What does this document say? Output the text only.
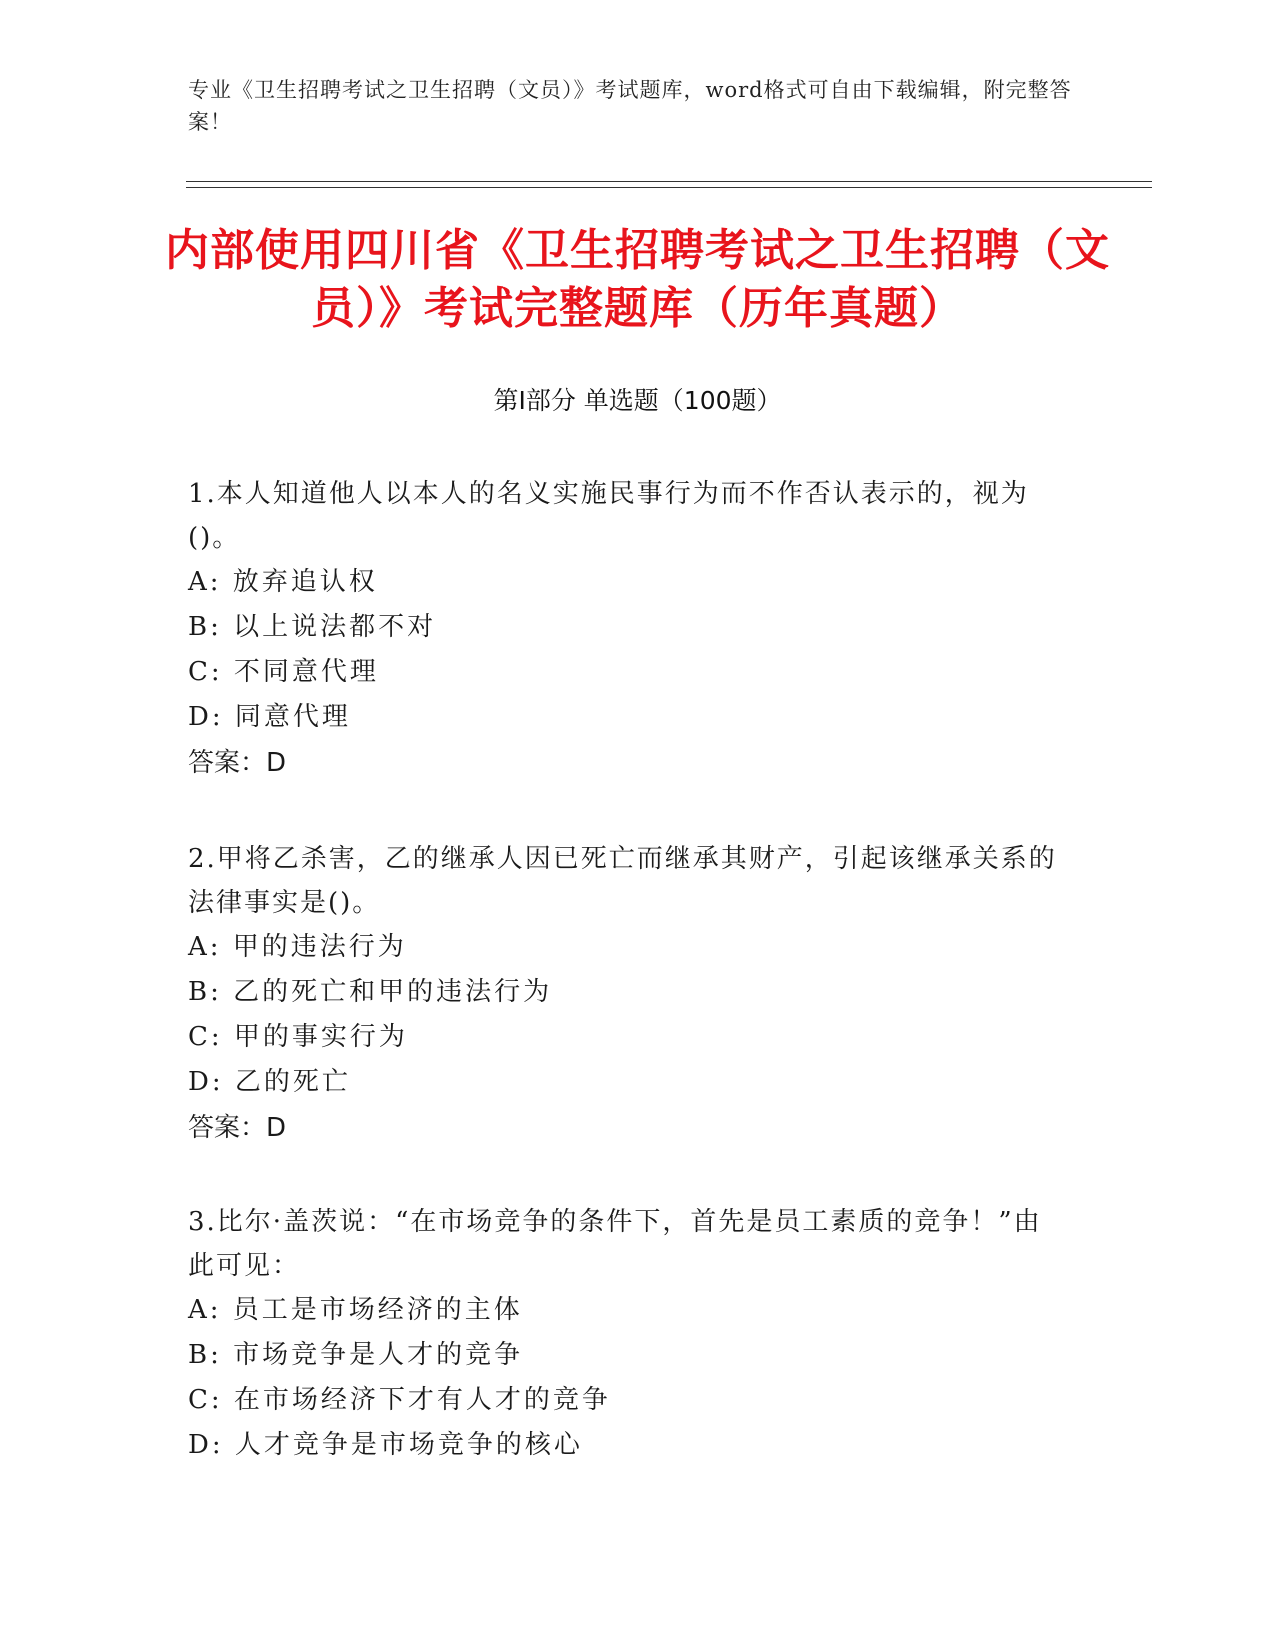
专业《卫生招聘考试之卫生招聘（文员）》考试题库，word格式可自由下载编辑，附完整答案！
内部使用四川省《卫生招聘考试之卫生招聘（文员）》考试完整题库（历年真题）
第Ⅰ部分 单选题（100题）

1.本人知道他人以本人的名义实施民事行为而不作否认表示的，视为()。

A: 放弃追认权

B: 以上说法都不对

C: 不同意代理

D: 同意代理

答案：D

2.甲将乙杀害，乙的继承人因已死亡而继承其财产，引起该继承关系的法律事实是()。

A: 甲的违法行为

B: 乙的死亡和甲的违法行为

C: 甲的事实行为

D: 乙的死亡

答案：D

3.比尔·盖茨说：“在市场竞争的条件下，首先是员工素质的竞争！”由此可见：

A: 员工是市场经济的主体

B: 市场竞争是人才的竞争

C: 在市场经济下才有人才的竞争

D: 人才竞争是市场竞争的核心
